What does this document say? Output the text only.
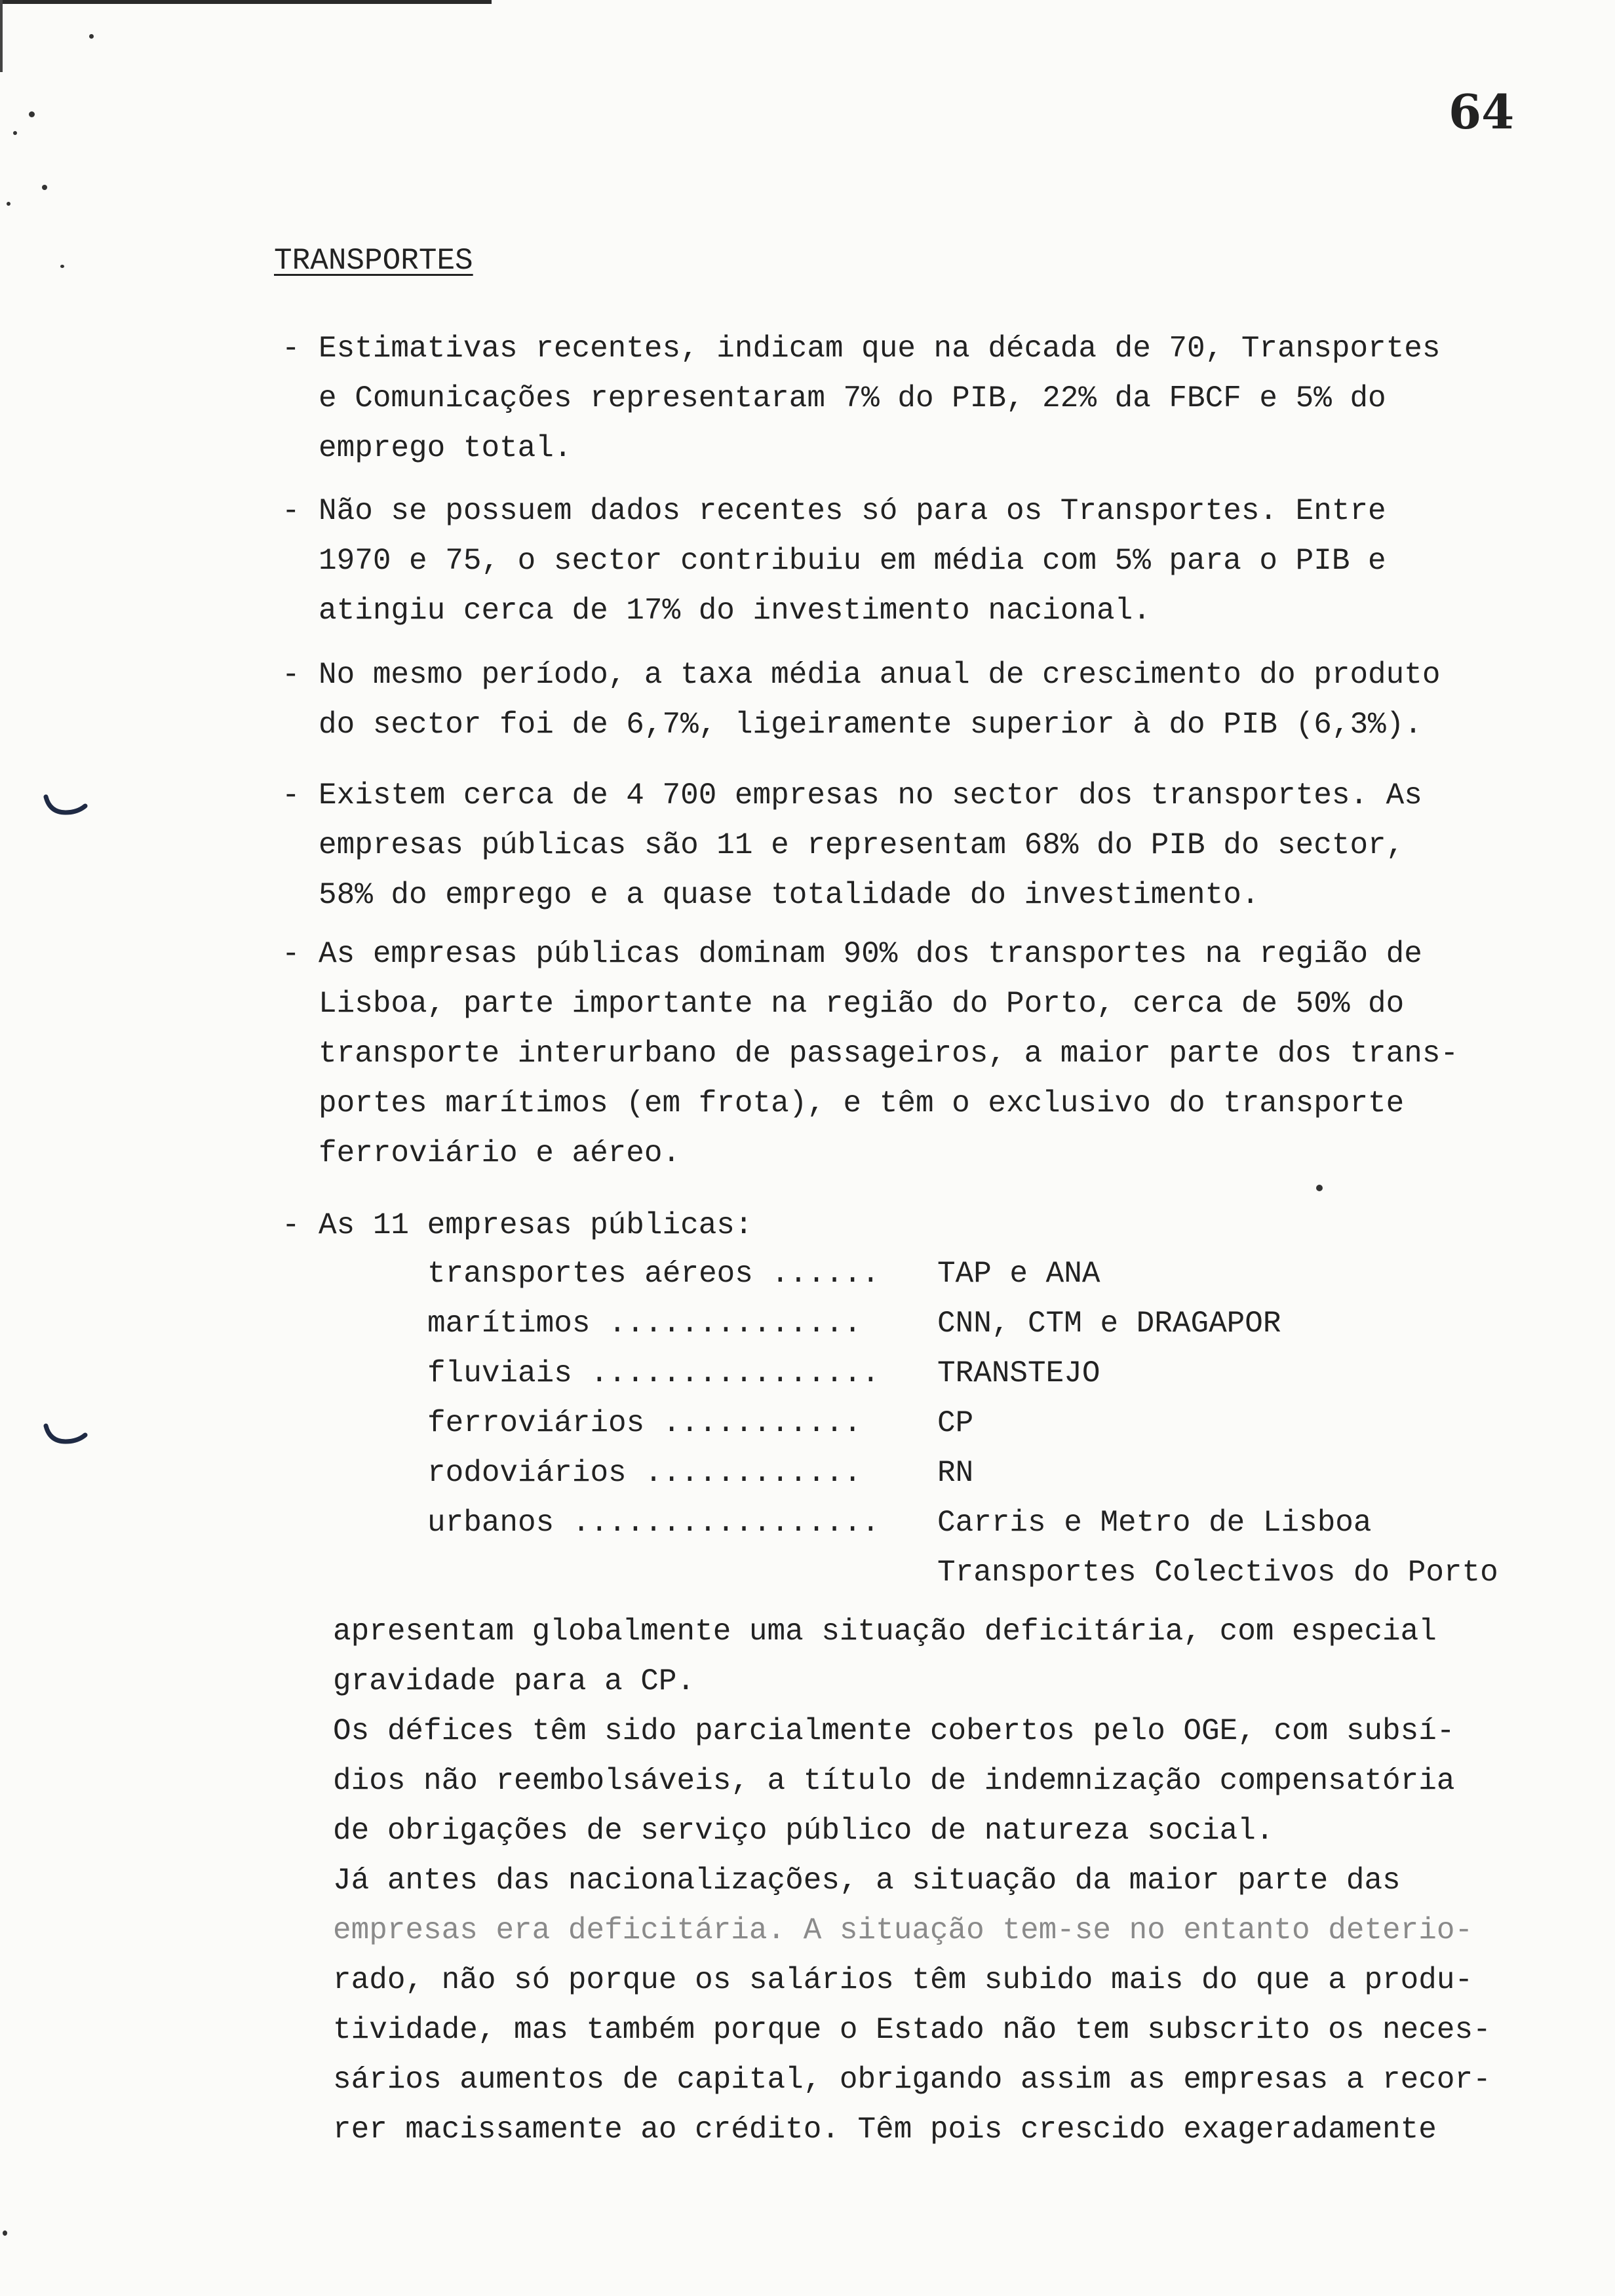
64
TRANSPORTES
- Estimativas recentes, indicam que na década de 70, Transportes
e Comunicações representaram 7% do PIB, 22% da FBCF e 5% do
emprego total.
- Não se possuem dados recentes só para os Transportes. Entre
1970 e 75, o sector contribuiu em média com 5% para o PIB e
atingiu cerca de 17% do investimento nacional.
- No mesmo período, a taxa média anual de crescimento do produto
do sector foi de 6,7%, ligeiramente superior à do PIB (6,3%).
- Existem cerca de 4 700 empresas no sector dos transportes. As
empresas públicas são 11 e representam 68% do PIB do sector,
58% do emprego e a quase totalidade do investimento.
- As empresas públicas dominam 90% dos transportes na região de
Lisboa, parte importante na região do Porto, cerca de 50% do
transporte interurbano de passageiros, a maior parte dos trans-
portes marítimos (em frota), e têm o exclusivo do transporte
ferroviário e aéreo.
- As 11 empresas públicas:
transportes aéreos ......	TAP e ANA
marítimos ..............	CNN, CTM e DRAGAPOR
fluviais ................	TRANSTEJO
ferroviários ...........	CP
rodoviários ............	RN
urbanos .................	Carris e Metro de Lisboa
Transportes Colectivos do Porto
apresentam globalmente uma situação deficitária, com especial
gravidade para a CP.
Os défices têm sido parcialmente cobertos pelo OGE, com subsí-
dios não reembolsáveis, a título de indemnização compensatória
de obrigações de serviço público de natureza social.
Já antes das nacionalizações, a situação da maior parte das
empresas era deficitária. A situação tem-se no entanto deterio-
rado, não só porque os salários têm subido mais do que a produ-
tividade, mas também porque o Estado não tem subscrito os neces-
sários aumentos de capital, obrigando assim as empresas a recor-
rer macissamente ao crédito. Têm pois crescido exageradamente
